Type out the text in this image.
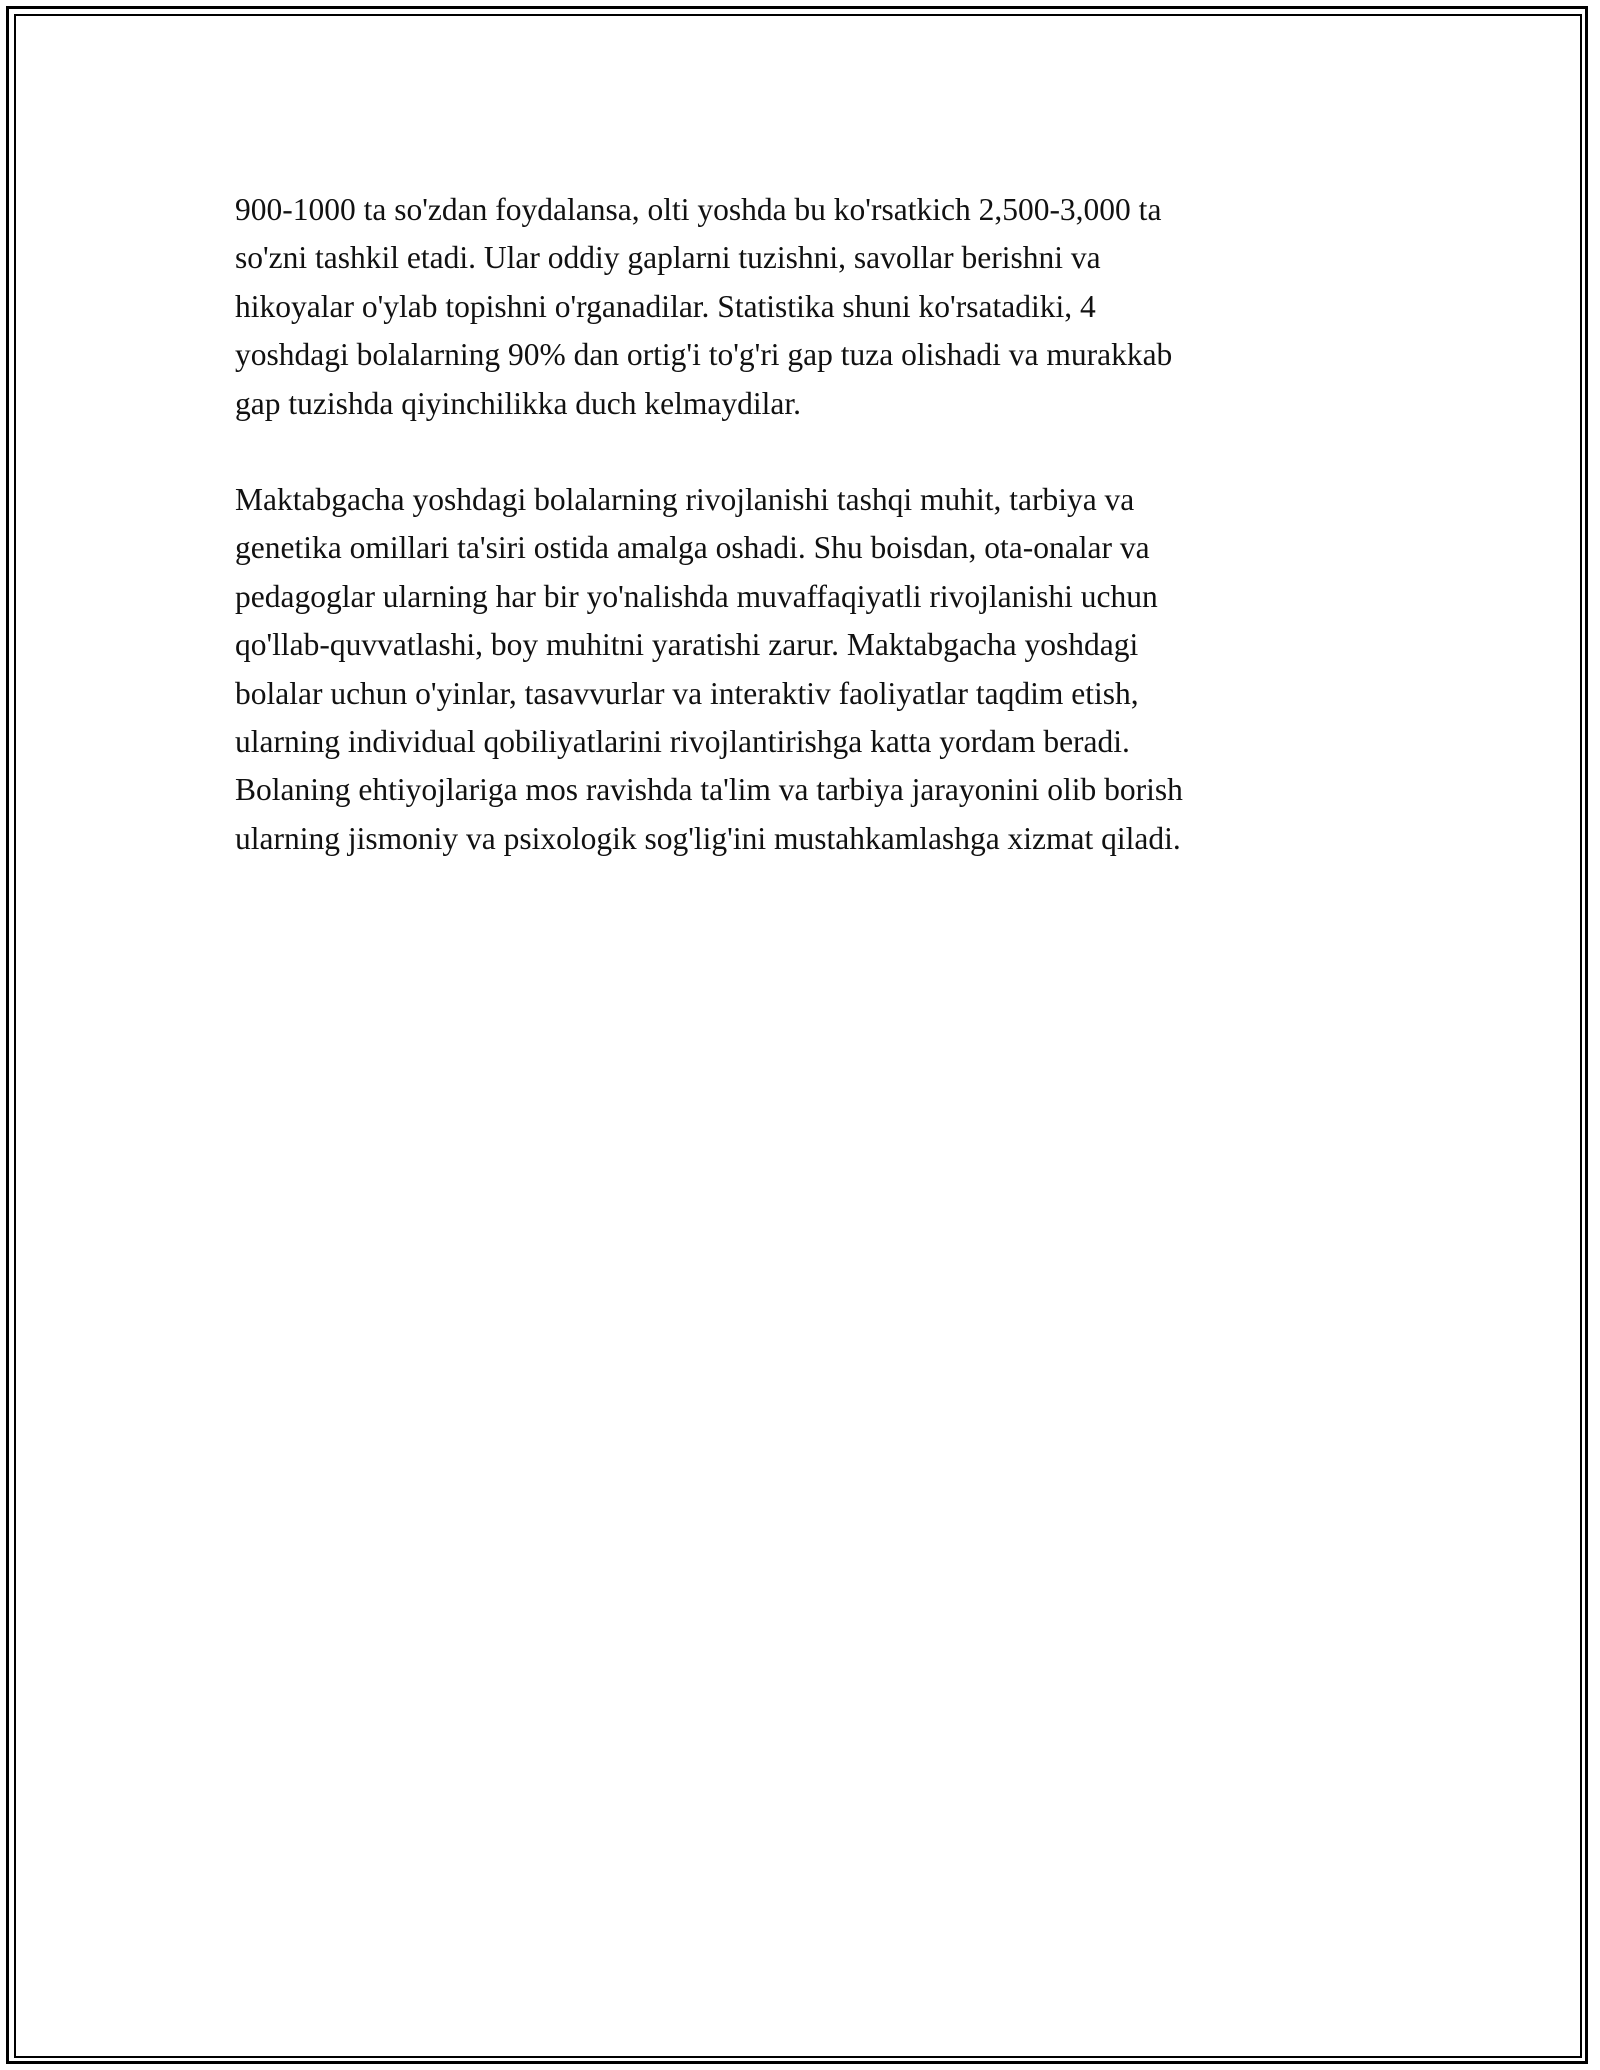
900-1000 ta so'zdan foydalansa, olti yoshda bu ko'rsatkich 2,500-3,000 ta
so'zni tashkil etadi. Ular oddiy gaplarni tuzishni, savollar berishni va
hikoyalar o'ylab topishni o'rganadilar. Statistika shuni ko'rsatadiki, 4
yoshdagi bolalarning 90% dan ortig'i to'g'ri gap tuza olishadi va murakkab
gap tuzishda qiyinchilikka duch kelmaydilar.

Maktabgacha yoshdagi bolalarning rivojlanishi tashqi muhit, tarbiya va
genetika omillari ta'siri ostida amalga oshadi. Shu boisdan, ota-onalar va
pedagoglar ularning har bir yo'nalishda muvaffaqiyatli rivojlanishi uchun
qo'llab-quvvatlashi, boy muhitni yaratishi zarur. Maktabgacha yoshdagi
bolalar uchun o'yinlar, tasavvurlar va interaktiv faoliyatlar taqdim etish,
ularning individual qobiliyatlarini rivojlantirishga katta yordam beradi.
Bolaning ehtiyojlariga mos ravishda ta'lim va tarbiya jarayonini olib borish
ularning jismoniy va psixologik sog'lig'ini mustahkamlashga xizmat qiladi.
